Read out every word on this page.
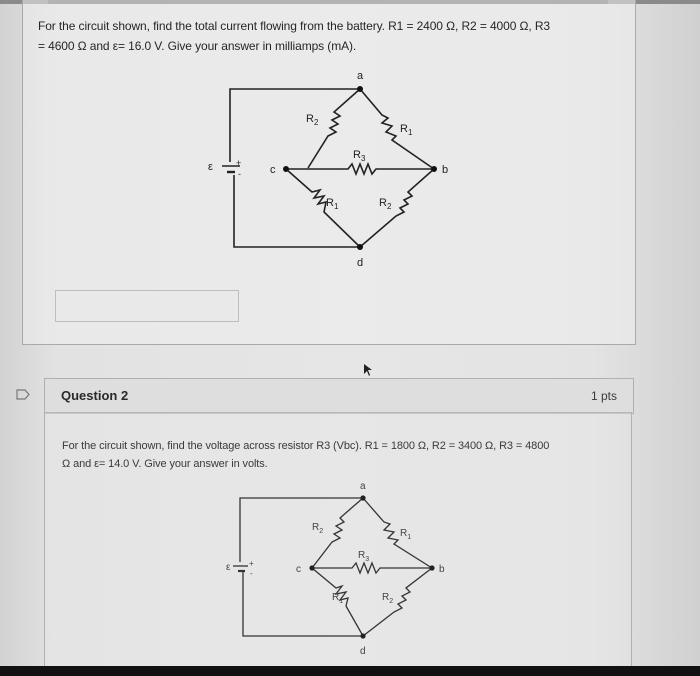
For the circuit shown, find the total current flowing from the battery. R1 = 2400 Ω, R2 = 4000 Ω, R3
= 4600 Ω and ε= 16.0 V. Give your answer in milliamps (mA).
a
b
c
d
ε	+
-
$R_2$
$R_1$
$R_3$
$R_1$	$R_2$
Question 2	1 pts
For the circuit shown, find the voltage across resistor R3 (Vbc). R1 = 1800 Ω, R2 = 3400 Ω, R3 = 4800
Ω and ε= 14.0 V. Give your answer in volts.
a
b
c
d
ε +
-
$R_2$	$R_1$
$R_3$
$R_1$	$R_2$
